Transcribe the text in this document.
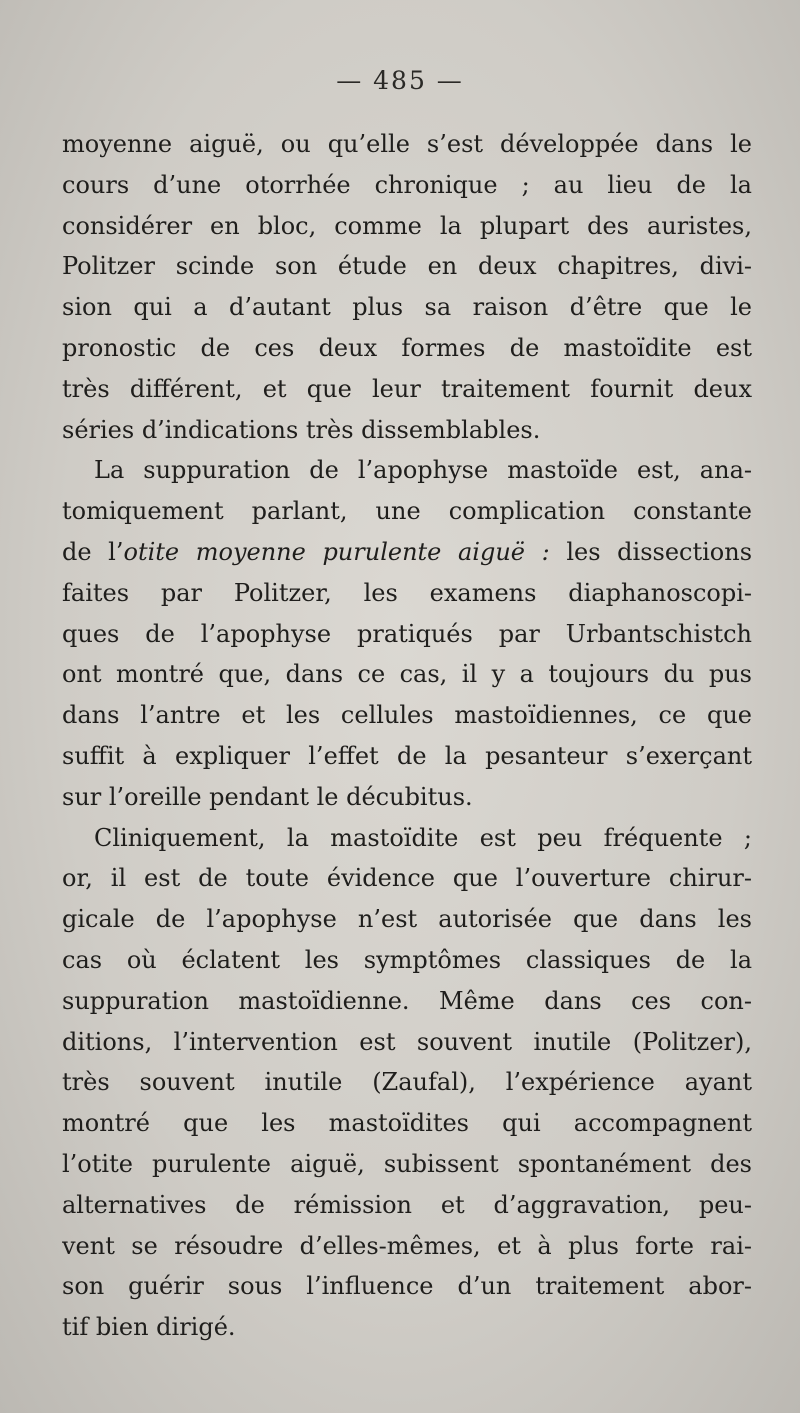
— 485 —
moyenne aiguë, ou qu’elle s’est développée dans le
cours d’une otorrhée chronique ; au lieu de la
considérer en bloc, comme la plupart des auristes,
Politzer scinde son étude en deux chapitres, divi-
sion qui a d’autant plus sa raison d’être que le
pronostic de ces deux formes de mastoïdite est
très différent, et que leur traitement fournit deux
séries d’indications très dissemblables.
La suppuration de l’apophyse mastoïde est, ana-
tomiquement parlant, une complication constante
de l’otite moyenne purulente aiguë : les dissections
faites par Politzer, les examens diaphanoscopi-
ques de l’apophyse pratiqués par Urbantschistch
ont montré que, dans ce cas, il y a toujours du pus
dans l’antre et les cellules mastoïdiennes, ce que
suffit à expliquer l’effet de la pesanteur s’exerçant
sur l’oreille pendant le décubitus.
Cliniquement, la mastoïdite est peu fréquente ;
or, il est de toute évidence que l’ouverture chirur-
gicale de l’apophyse n’est autorisée que dans les
cas où éclatent les symptômes classiques de la
suppuration mastoïdienne. Même dans ces con-
ditions, l’intervention est souvent inutile (Politzer),
très souvent inutile (Zaufal), l’expérience ayant
montré que les mastoïdites qui accompagnent
l’otite purulente aiguë, subissent spontanément des
alternatives de rémission et d’aggravation, peu-
vent se résoudre d’elles-mêmes, et à plus forte rai-
son guérir sous l’influence d’un traitement abor-
tif bien dirigé.
